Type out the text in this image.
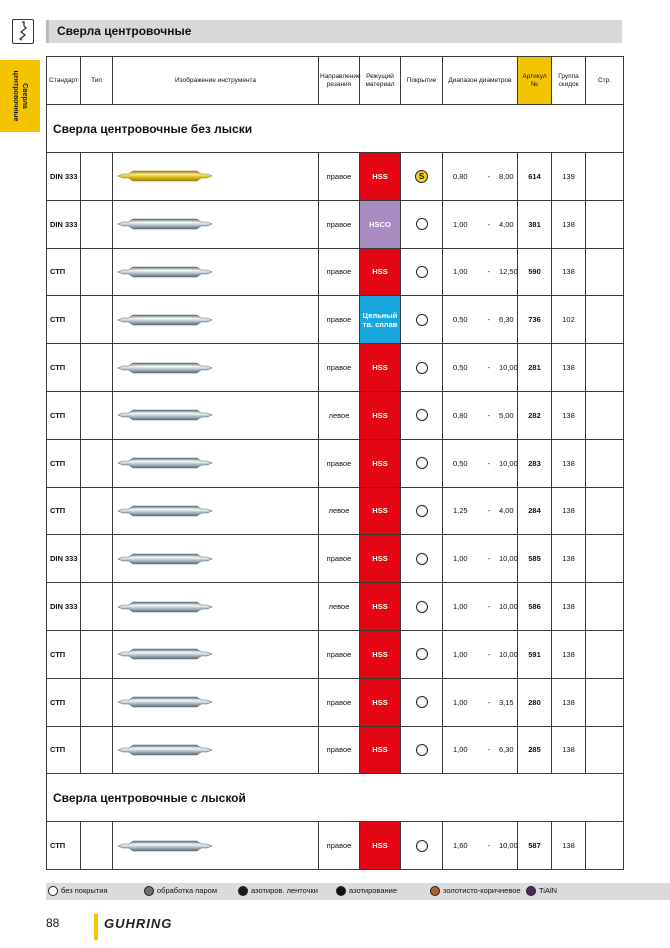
Сверла центровочные
Сверла центровочные	Стандарт	Тип	Изображение инструмента	Направление резания	Режущий материал	Покрытие	Диапазон диаметров	Артикул №	Группа скидок	Стр.
Сверла центровочные без лыски									
DIN 333			правое	HSS	S	0,80 - 8,00	614	139	
DIN 333			правое	HSCO		1,00 - 4,00	381	138	
СТП			правое	HSS		1,00 - 12,50	590	138	
СТП			правое	Цельный тв. сплав		0,50 - 6,30	736	102	
СТП			правое	HSS		0,50 - 10,00	281	138	
СТП			левое	HSS		0,80 - 5,00	282	138	
СТП			правое	HSS		0,50 - 10,00	283	138	
СТП			левое	HSS		1,25 - 4,00	284	138	
DIN 333			правое	HSS		1,00 - 10,00	585	138	
DIN 333			левое	HSS		1,00 - 10,00	586	138	
СТП			правое	HSS		1,00 - 10,00	591	138	
СТП			правое	HSS		1,00 - 3,15	280	138	
СТП			правое	HSS		1,00 - 6,30	285	138	
Сверла центровочные с лыской									
СТП			правое	HSS		1,60 - 10,00	587	138	
без покрытия	обработка паром	азотиров. ленточки	азотирование	золотисто-коричневое	TiAlN
88	GUHRING
